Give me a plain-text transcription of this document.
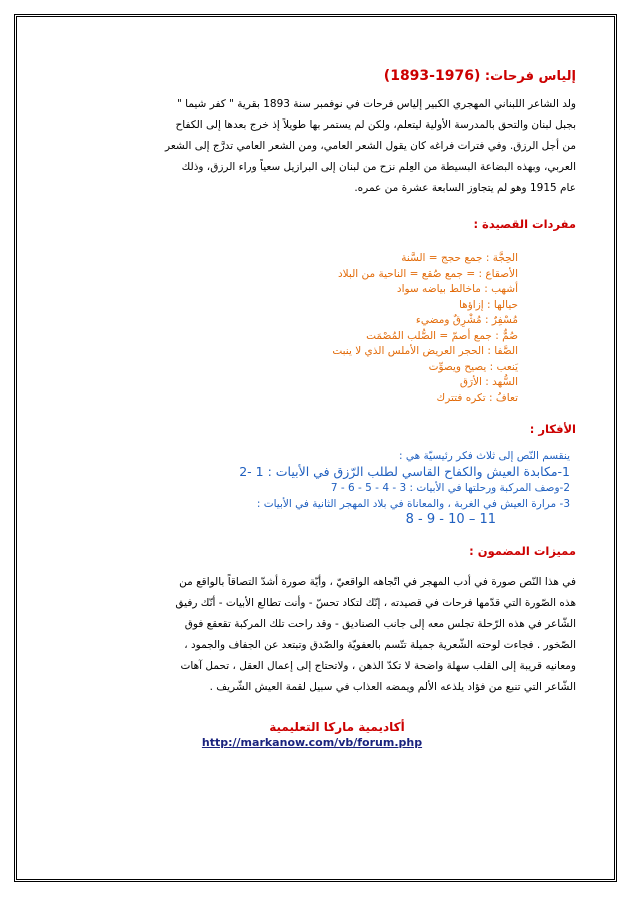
إلياس فرحات: (1976-1893)

ولد الشاعر اللبناني المهجري الكبير إلياس فرحات في نوفمبر سنة 1893 بقرية " كفر شيما "

بجبل لبنان والتحق بالمدرسة الأولية ليتعلم، ولكن لم يستمر بها طويلاً إذ خرج بعدها إلى الكفاح

من أجل الرزق. وفي فترات فراغه كان يقول الشعر العامي، ومن الشعر العامي تدرَّج إلى الشعر

العربي، وبهذه البضاعة البسيطة من العِلم نزح من لبنان إلى البرازيل سعياً وراء الرزق، وذلك

عام 1915 وهو لم يتجاوز السابعة عشرة من عمره.

مفردات القصيدة :
الحِجَّة : جمع حجج = السَّنة
الأصقاع : = جمع صُقع = الناحية من البلاد
أشهب : ماخالط بياضه سواد
حيالها : إزاؤها
مُسْفِرٌ : مُشْرِقٌ ومضيء
صُمٌّ : جمع أصمّ = الصُّلب المُصْمَت
الصَّفا : الحجر العريض الأملس الذي لا ينبت
يَنعب : يصيح ويصوِّت
السُّهد : الأرَق
تعافُ : تكره فتترك
الأفكار :
ينقسم النّص إلى ثلاث فكر رئيسيّة هي :
1-مكابدة العيش والكفاح القاسي لطلب الرّزق في الأبيات : 1 -2
2-وصف المركبة ورحلتها في الأبيات : 3 - 4 - 5 - 6 - 7
3- مرارة العيش في الغربة ، والمعاناة في بلاد المهجر الثانية في الأبيات :
11 – 10 - 9 - 8
مميزات المضمون :

في هذا النّص صورة في أدب المهجر في اتّجاهه الواقعيّ ، وأيّة صورة أشدّ التصاقاً بالواقع من

هذه الصّورة التي قدّمها فرحات في قصيدته ، إنّك لتكاد تحسّ - وأنت تطالع الأبيات - أنّك رفيق

الشّاعر في هذه الرّحلة تجلس معه إلى جانب الصناديق - وقد راحت تلك المركبة تقعقع فوق

الصّخور . فجاءت لوحته الشّعرية جميلة تتّسم بالعفويّة والصّدق وتبتعد عن الجفاف والجمود ،

ومعانيه قريبة إلى القلب سهلة واضحة لا تكدّ الذهن ، ولاتحتاج إلى إعمال العقل ، تحمل آهات

الشّاعر التي تنبع من فؤاد يلذعه الألم ويمضه العذاب في سبيل لقمة العيش الشّريف .

أكاديمية ماركا التعليمية
http://markanow.com/vb/forum.php
